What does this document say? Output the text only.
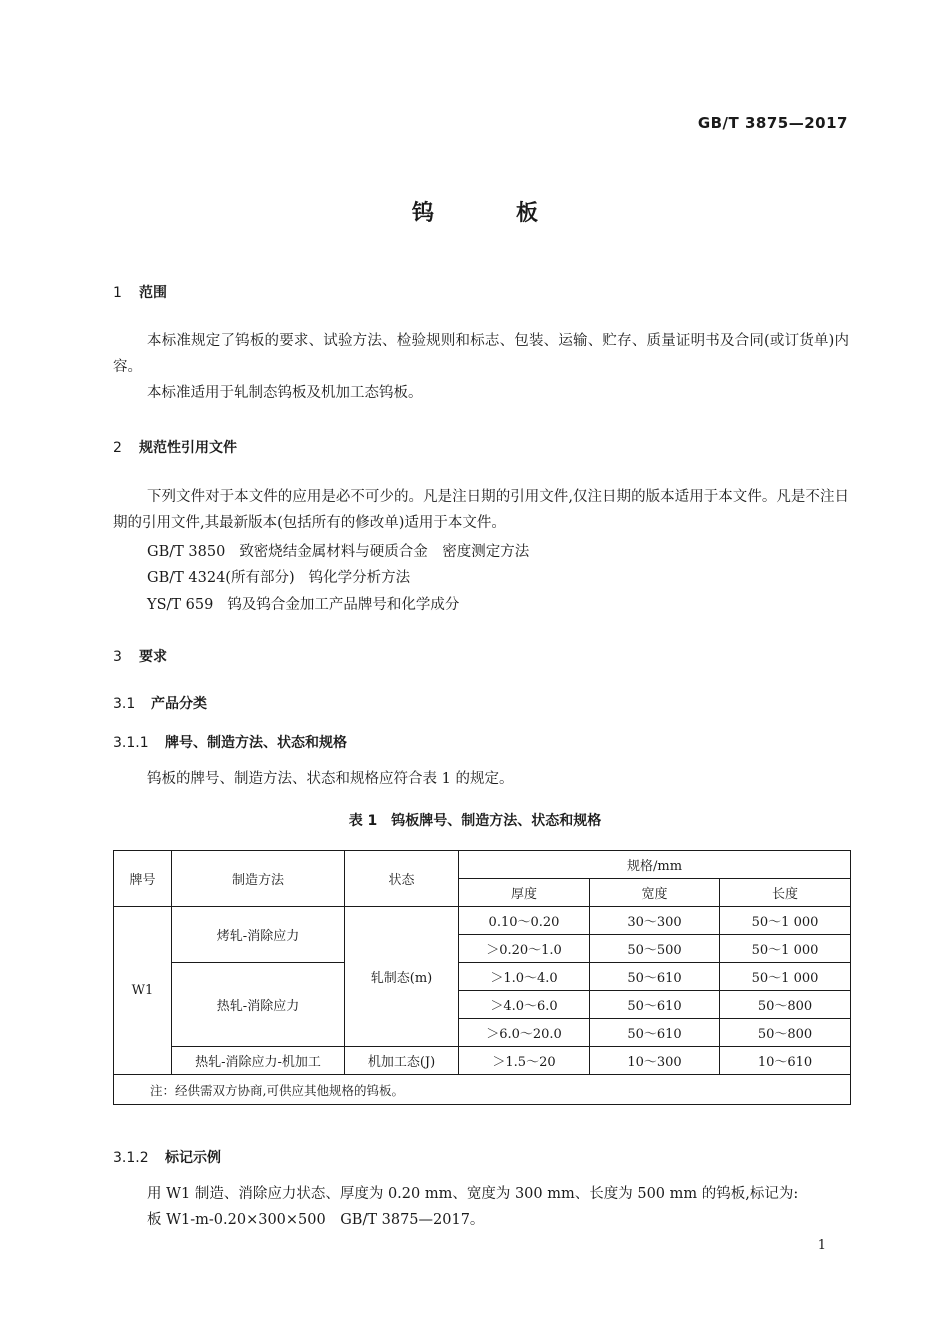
GB/T 3875—2017
钨板
1 范围

本标准规定了钨板的要求、试验方法、检验规则和标志、包装、运输、贮存、质量证明书及合同(或订货单)内容。

本标准适用于轧制态钨板及机加工态钨板。

2 规范性引用文件

下列文件对于本文件的应用是必不可少的。凡是注日期的引用文件,仅注日期的版本适用于本文件。凡是不注日期的引用文件,其最新版本(包括所有的修改单)适用于本文件。

GB/T 3850 致密烧结金属材料与硬质合金　密度测定方法
GB/T 4324(所有部分) 钨化学分析方法
YS/T 659 钨及钨合金加工产品牌号和化学成分
3 要求
3.1 产品分类
3.1.1 牌号、制造方法、状态和规格

钨板的牌号、制造方法、状态和规格应符合表 1 的规定。

表 1　钨板牌号、制造方法、状态和规格
牌号	制造方法	状态	规格/mm		
			厚度	宽度	长度
W1	烤轧-消除应力	轧制态(m)	0.10～0.20	30～300	50～1 000
			＞0.20～1.0	50～500	50～1 000
	热轧-消除应力		＞1.0～4.0	50～610	50～1 000
			＞4.0～6.0	50～610	50～800
			＞6.0～20.0	50～610	50～800
	热轧-消除应力-机加工	机加工态(J)	＞1.5～20	10～300	10～610
注：经供需双方协商,可供应其他规格的钨板。					
3.1.2 标记示例

用 W1 制造、消除应力状态、厚度为 0.20 mm、宽度为 300 mm、长度为 500 mm 的钨板,标记为:

板 W1-m-0.20×300×500　GB/T 3875—2017。

1
